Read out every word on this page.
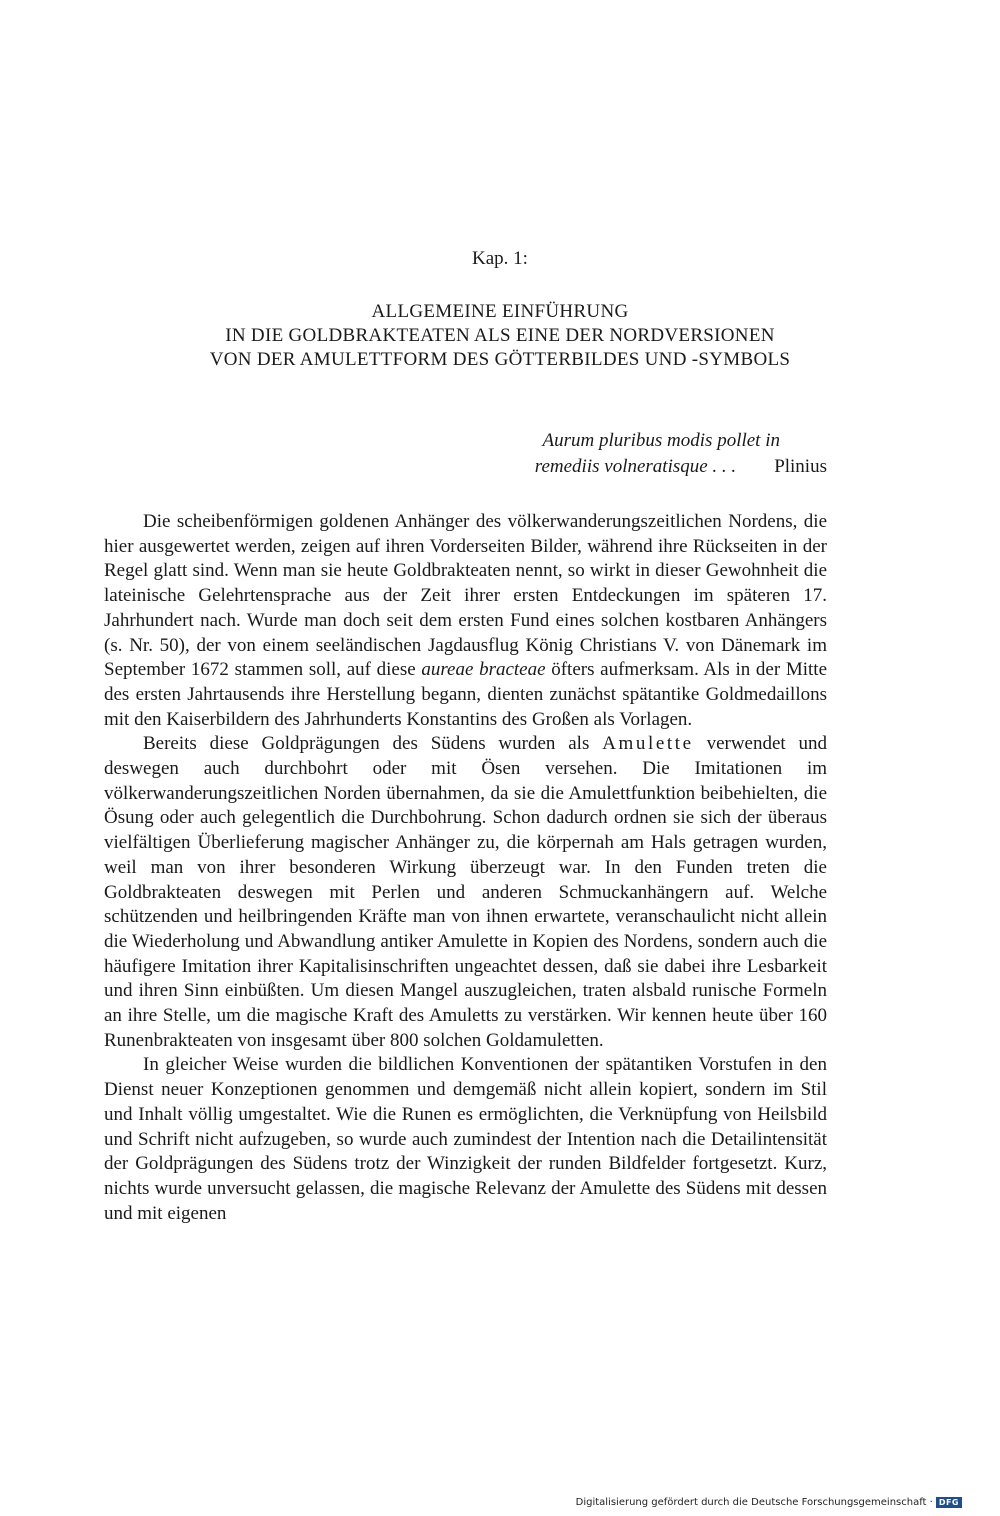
Kap. 1:
ALLGEMEINE EINFÜHRUNG
IN DIE GOLDBRAKTEATEN ALS EINE DER NORDVERSIONEN
VON DER AMULETTFORM DES GÖTTERBILDES UND -SYMBOLS
Aurum pluribus modis pollet in
remediis volneratisque . . . Plinius

Die scheibenförmigen goldenen Anhänger des völkerwanderungszeitlichen Nordens, die hier ausgewertet werden, zeigen auf ihren Vorderseiten Bilder, während ihre Rückseiten in der Regel glatt sind. Wenn man sie heute Goldbrakteaten nennt, so wirkt in dieser Gewohnheit die lateinische Gelehrtensprache aus der Zeit ihrer ersten Entdeckungen im späteren 17. Jahrhundert nach. Wurde man doch seit dem ersten Fund eines solchen kostbaren Anhängers (s. Nr. 50), der von einem seeländischen Jagdausflug König Christians V. von Dänemark im September 1672 stammen soll, auf diese aureae bracteae öfters aufmerksam. Als in der Mitte des ersten Jahrtausends ihre Herstellung begann, dienten zunächst spätantike Goldmedaillons mit den Kaiserbildern des Jahrhunderts Konstantins des Großen als Vorlagen.

Bereits diese Goldprägungen des Südens wurden als Amulette verwendet und deswegen auch durchbohrt oder mit Ösen versehen. Die Imitationen im völkerwanderungszeitlichen Norden übernahmen, da sie die Amulettfunktion beibehielten, die Ösung oder auch gelegentlich die Durchbohrung. Schon dadurch ordnen sie sich der überaus vielfältigen Überlieferung magischer Anhänger zu, die körpernah am Hals getragen wurden, weil man von ihrer besonderen Wirkung überzeugt war. In den Funden treten die Goldbrakteaten deswegen mit Perlen und anderen Schmuckanhängern auf. Welche schützenden und heilbringenden Kräfte man von ihnen erwartete, veranschaulicht nicht allein die Wiederholung und Abwandlung antiker Amulette in Kopien des Nordens, sondern auch die häufigere Imitation ihrer Kapitalisinschriften ungeachtet dessen, daß sie dabei ihre Lesbarkeit und ihren Sinn einbüßten. Um diesen Mangel auszugleichen, traten alsbald runische Formeln an ihre Stelle, um die magische Kraft des Amuletts zu verstärken. Wir kennen heute über 160 Runenbrakteaten von insgesamt über 800 solchen Goldamuletten.

In gleicher Weise wurden die bildlichen Konventionen der spätantiken Vorstufen in den Dienst neuer Konzeptionen genommen und demgemäß nicht allein kopiert, sondern im Stil und Inhalt völlig umgestaltet. Wie die Runen es ermöglichten, die Verknüpfung von Heilsbild und Schrift nicht aufzugeben, so wurde auch zumindest der Intention nach die Detailintensität der Goldprägungen des Südens trotz der Winzigkeit der runden Bildfelder fortgesetzt. Kurz, nichts wurde unversucht gelassen, die magische Relevanz der Amulette des Südens mit dessen und mit eigenen

Digitalisierung gefördert durch die Deutsche Forschungsgemeinschaft · DFG
